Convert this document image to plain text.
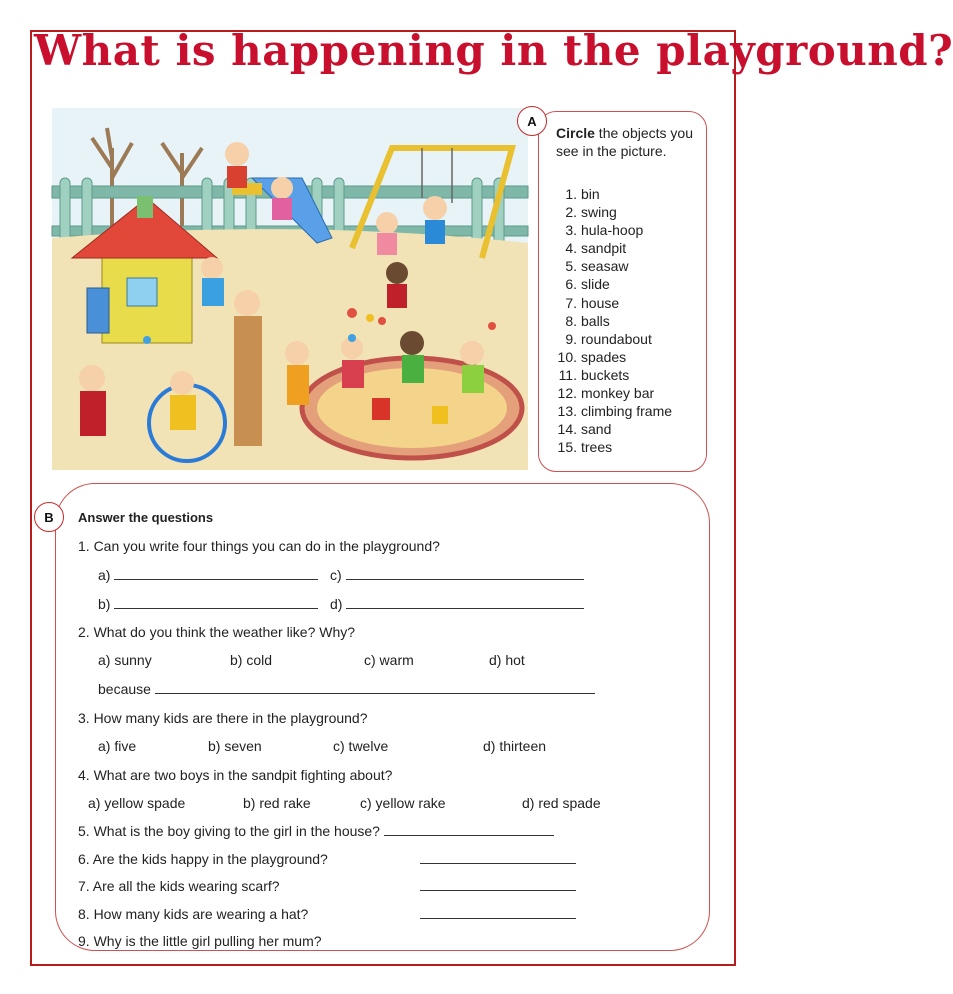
What is happening in the playground?
A
Circle the objects you see in the picture.
1. bin
2. swing
3. hula-hoop
4. sandpit
5. seasaw
6. slide
7. house
8. balls
9. roundabout
10. spades
11. buckets
12. monkey bar
13. climbing frame
14. sand
15. trees
B	Answer the questions
1. Can you write four things you can do in the playground?
a)	c)
b)	d)
2. What do you think the weather like? Why?
a) sunny	b) cold	c) warm	d) hot
because
3. How many kids are there in the playground?
a) five	b) seven	c) twelve	d) thirteen
4. What are two boys in the sandpit fighting about?
a) yellow spade	b) red rake	c) yellow rake	d) red spade
5. What is the boy giving to the girl in the house?
6. Are the kids happy in the playground?
7. Are all the kids wearing scarf?
8. How many kids are wearing a hat?
9. Why is the little girl pulling her mum?
